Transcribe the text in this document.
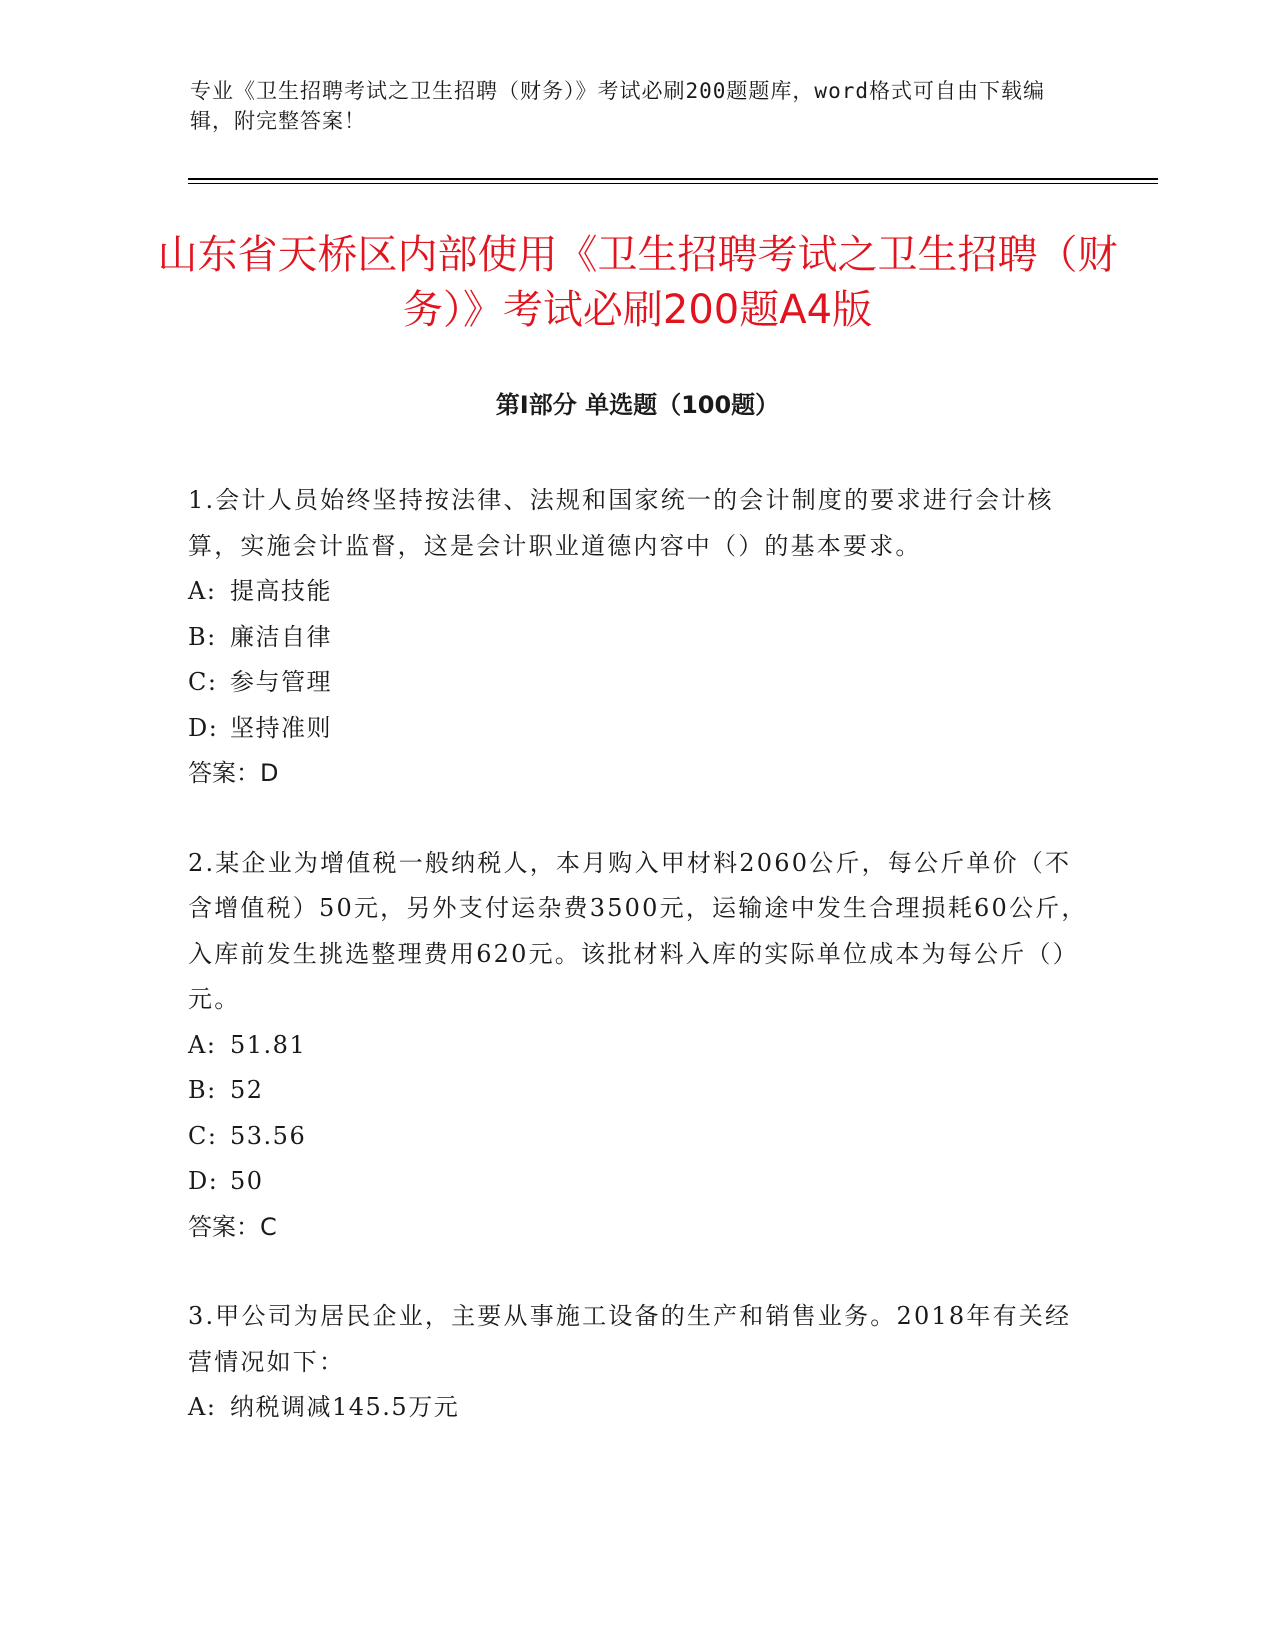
专业《卫生招聘考试之卫生招聘（财务）》考试必刷200题题库，word格式可自由下载编辑，附完整答案！
山东省天桥区内部使用《卫生招聘考试之卫生招聘（财务）》考试必刷200题A4版
第I部分 单选题（100题）

1.会计人员始终坚持按法律、法规和国家统一的会计制度的要求进行会计核算，实施会计监督，这是会计职业道德内容中（）的基本要求。

A: 提高技能
B: 廉洁自律
C: 参与管理
D: 坚持准则
答案：D

2.某企业为增值税一般纳税人，本月购入甲材料2060公斤，每公斤单价（不含增值税）50元，另外支付运杂费3500元，运输途中发生合理损耗60公斤，入库前发生挑选整理费用620元。该批材料入库的实际单位成本为每公斤（）元。

A: 51.81
B: 52
C: 53.56
D: 50
答案：C

3.甲公司为居民企业，主要从事施工设备的生产和销售业务。2018年有关经营情况如下：

A: 纳税调减145.5万元
